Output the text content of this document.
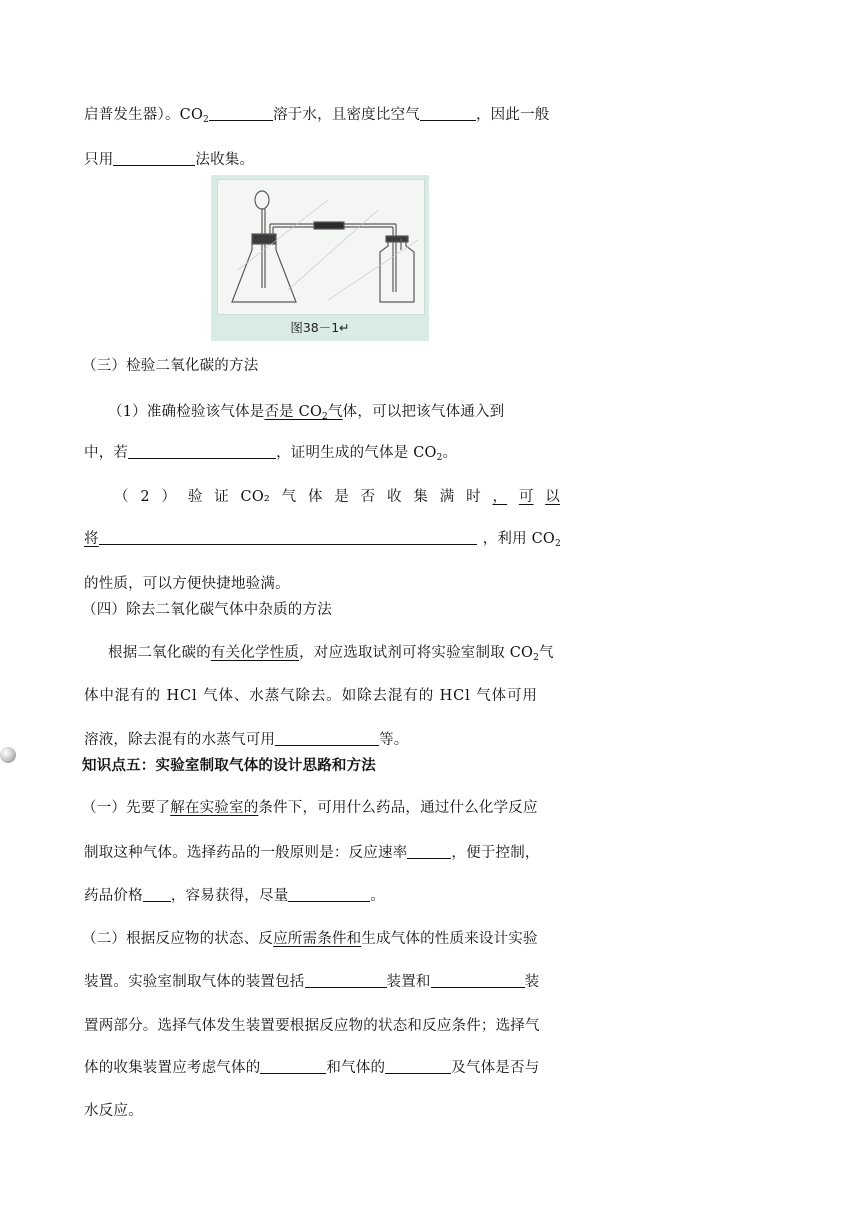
启普发生器）。$CO_2$	溶于水，且密度比空气	，因此一般
只用	法收集。
图38－1↵
（三）检验二氧化碳的方法
（1）准确检验该气体是否是 $CO_2$气体，可以把该气体通入到
中，若	，证明生成的气体是 $CO_2$。
（ 2 ） 验 证 CO₂ 气 体 是 否 收 集 满 时 ， 可 以
将	，利用 $CO_2$
的性质，可以方便快捷地验满。
（四）除去二氧化碳气体中杂质的方法
根据二氧化碳的有关化学性质，对应选取试剂可将实验室制取 $CO_2$气
体中混有的 HCl 气体、水蒸气除去。如除去混有的 HCl 气体可用
溶液，除去混有的水蒸气可用	等。
知识点五：实验室制取气体的设计思路和方法
（一）先要了解在实验室的条件下，可用什么药品，通过什么化学反应
制取这种气体。选择药品的一般原则是：反应速率	，便于控制，
药品价格 ，容易获得，尽量	。
（二）根据反应物的状态、反应所需条件和生成气体的性质来设计实验
装置。实验室制取气体的装置包括	装置和	装
置两部分。选择气体发生装置要根据反应物的状态和反应条件；选择气
体的收集装置应考虑气体的	和气体的	及气体是否与
水反应。
